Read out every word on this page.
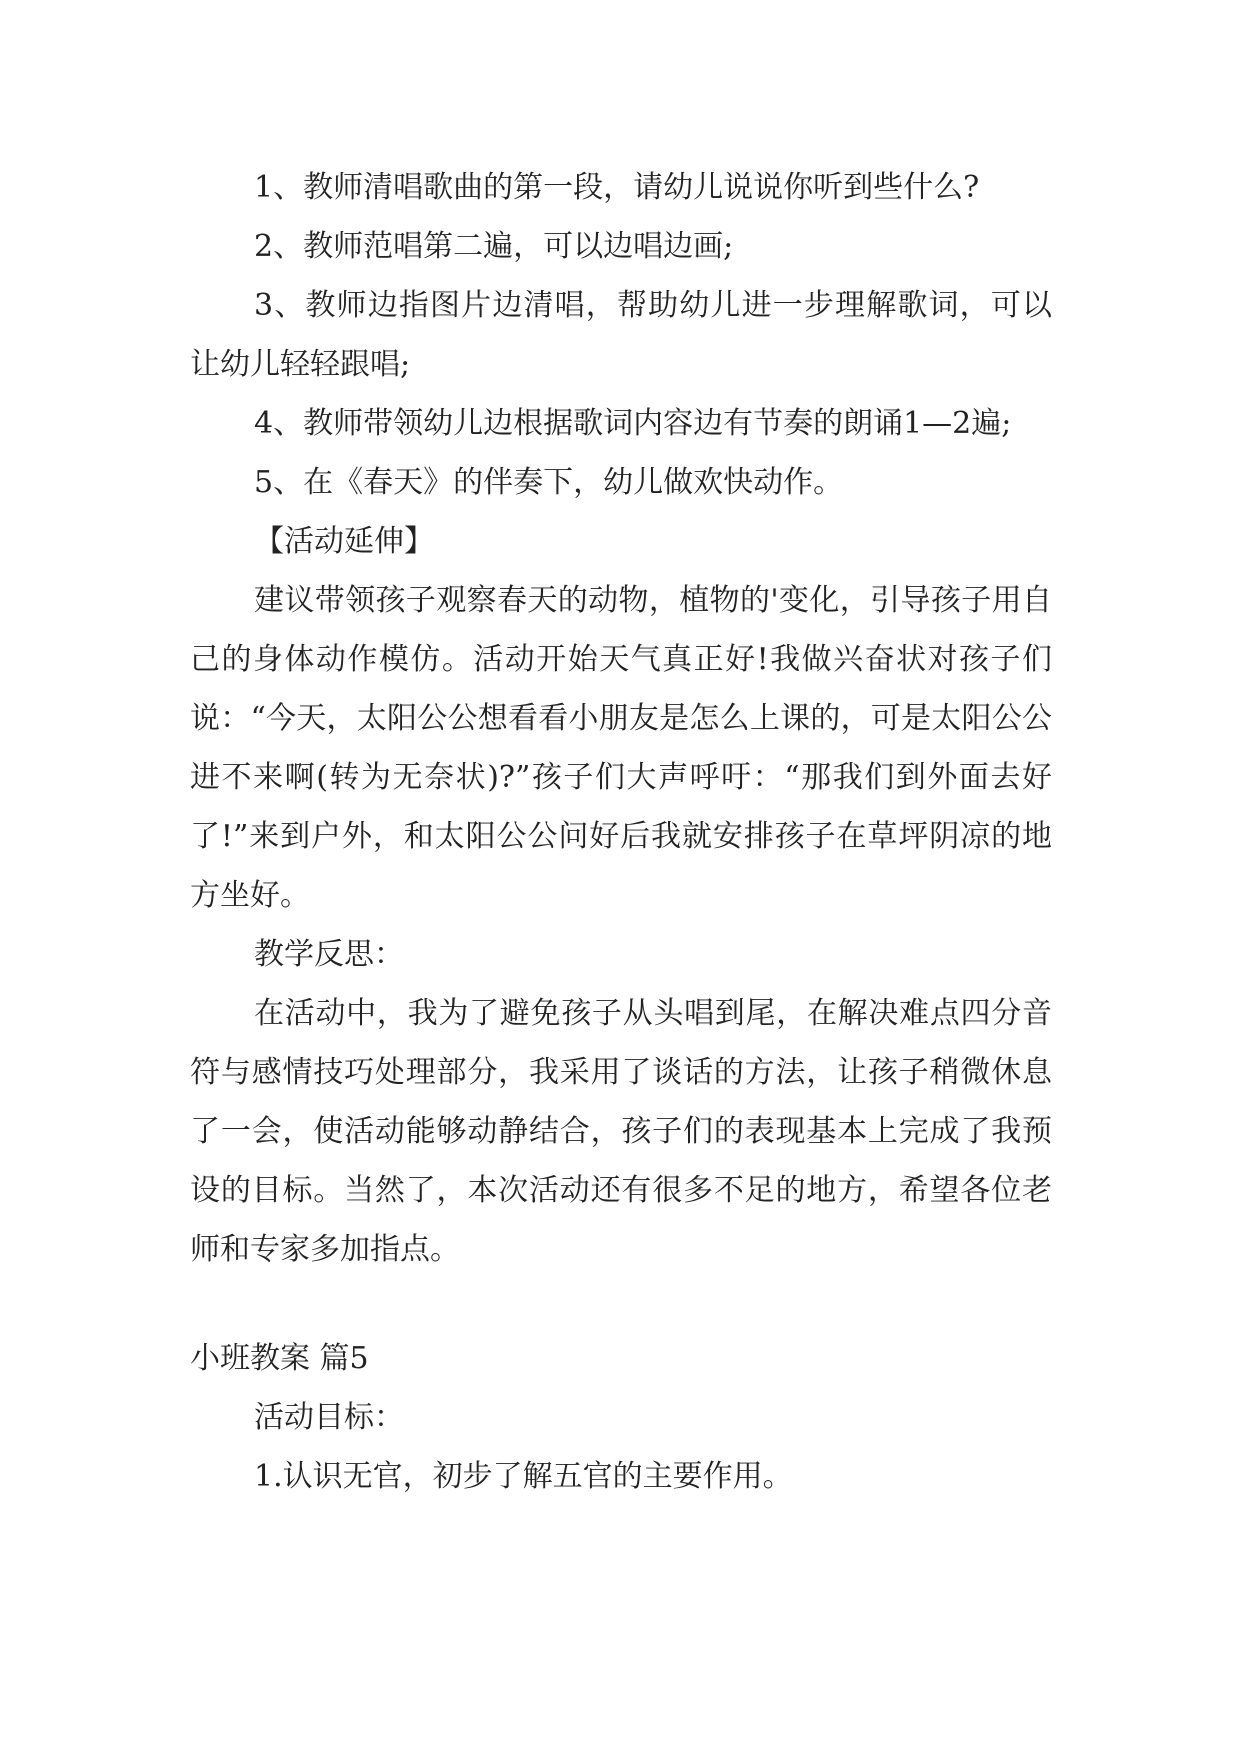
1、教师清唱歌曲的第一段，请幼儿说说你听到些什么?

2、教师范唱第二遍，可以边唱边画;

3、教师边指图片边清唱，帮助幼儿进一步理解歌词，可以让幼儿轻轻跟唱;

4、教师带领幼儿边根据歌词内容边有节奏的朗诵1—2遍;

5、在《春天》的伴奏下，幼儿做欢快动作。

【活动延伸】

建议带领孩子观察春天的动物，植物的'变化，引导孩子用自己的身体动作模仿。活动开始天气真正好!我做兴奋状对孩子们说：“今天，太阳公公想看看小朋友是怎么上课的，可是太阳公公进不来啊(转为无奈状)?”孩子们大声呼吁：“那我们到外面去好了!”来到户外，和太阳公公问好后我就安排孩子在草坪阴凉的地方坐好。

教学反思：

在活动中，我为了避免孩子从头唱到尾，在解决难点四分音符与感情技巧处理部分，我采用了谈话的方法，让孩子稍微休息了一会，使活动能够动静结合，孩子们的表现基本上完成了我预设的目标。当然了，本次活动还有很多不足的地方，希望各位老师和专家多加指点。

小班教案 篇5

活动目标：

1.认识无官，初步了解五官的主要作用。
